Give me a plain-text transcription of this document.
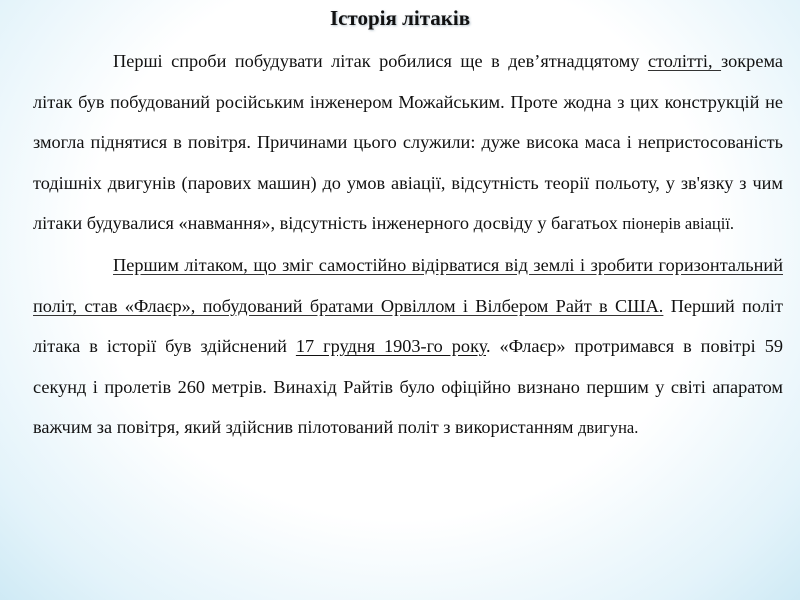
Історія літаків

Перші спроби побудувати літак робилися ще в дев’ятнадцятому столітті, зокрема літак був побудований російським інженером Можайським. Проте жодна з цих конструкцій не змогла піднятися в повітря. Причинами цього служили: дуже висока маса і непристосованість тодішніх двигунів (парових машин) до умов авіації, відсутність теорії польоту, у зв'язку з чим літаки будувалися «навмання», відсутність інженерного досвіду у багатьох піонерів авіації.

Першим літаком, що зміг самостійно відірватися від землі і зробити горизонтальний політ, став «Флаєр», побудований братами Орвіллом і Вілбером Райт в США. Перший політ літака в історії був здійснений 17 грудня 1903-го року. «Флаєр» протримався в повітрі 59 секунд і пролетів 260 метрів. Винахід Райтів було офіційно визнано першим у світі апаратом важчим за повітря, який здійснив пілотований політ з використанням двигуна.
